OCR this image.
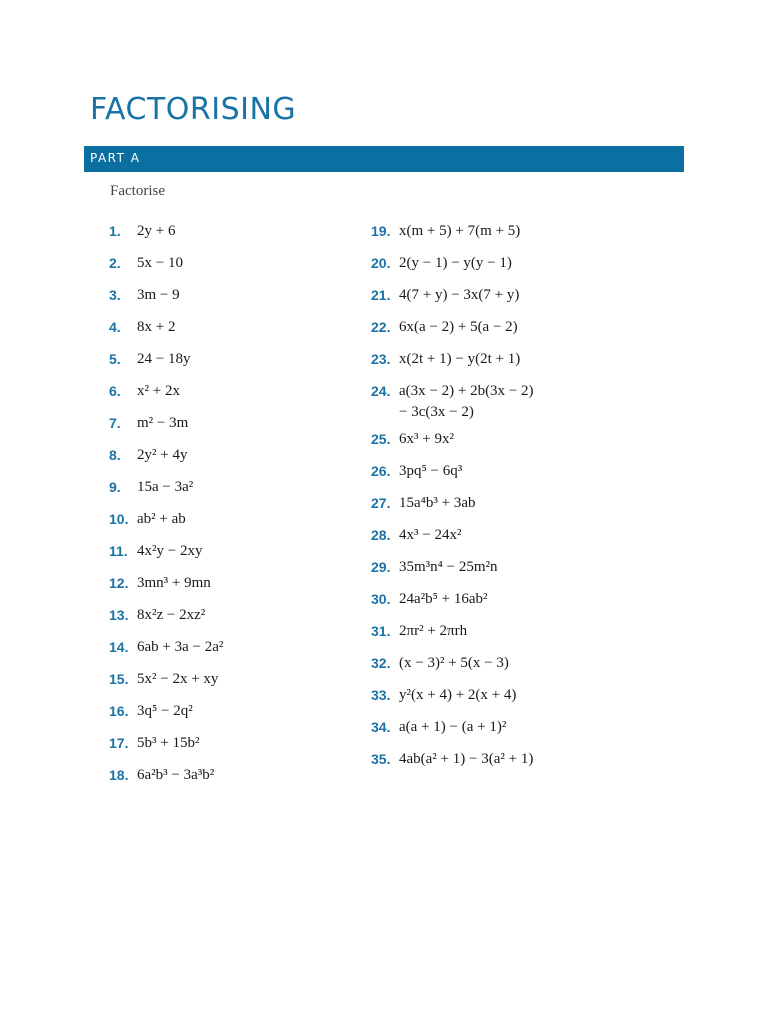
FACTORISING
PART A
Factorise
1.	2y + 6
2.	5x − 10
3.	3m − 9
4.	8x + 2
5.	24 − 18y
6.	x² + 2x
7.	m² − 3m
8.	2y² + 4y
9.	15a − 3a²
10. ab² + ab
11. 4x²y − 2xy
12. 3mn³ + 9mn
13. 8x²z − 2xz²
14. 6ab + 3a − 2a²
15. 5x² − 2x + xy
16. 3q⁵ − 2q²
17. 5b³ + 15b²
18. 6a²b³ − 3a³b²
19. x(m + 5) + 7(m + 5)
20. 2(y − 1) − y(y − 1)
21. 4(7 + y) − 3x(7 + y)
22. 6x(a − 2) + 5(a − 2)
23. x(2t + 1) − y(2t + 1)
24. a(3x − 2) + 2b(3x − 2)
− 3c(3x − 2)
25. 6x³ + 9x²
26. 3pq⁵ − 6q³
27. 15a⁴b³ + 3ab
28. 4x³ − 24x²
29. 35m³n⁴ − 25m²n
30. 24a²b⁵ + 16ab²
31. 2πr² + 2πrh
32. (x − 3)² + 5(x − 3)
33. y²(x + 4) + 2(x + 4)
34. a(a + 1) − (a + 1)²
35. 4ab(a² + 1) − 3(a² + 1)
